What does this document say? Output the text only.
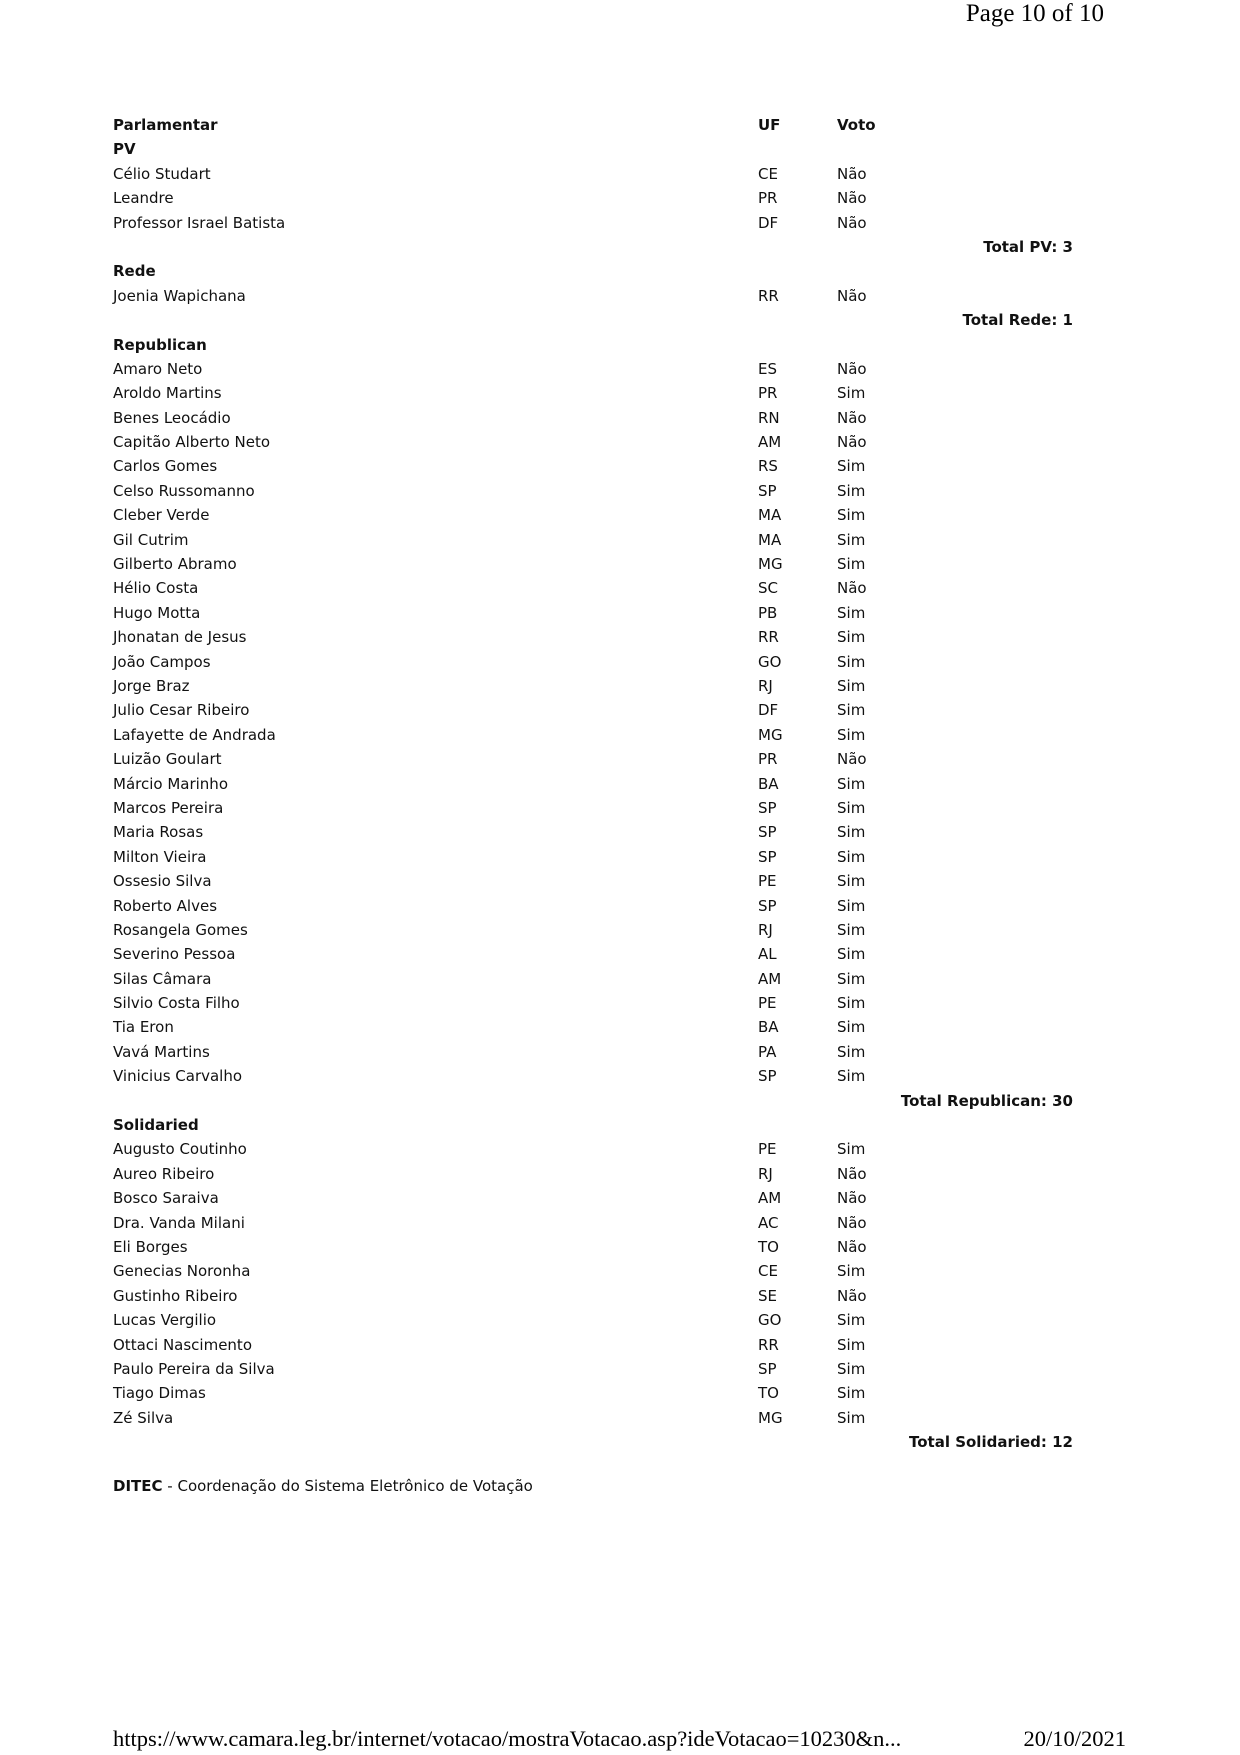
Page 10 of 10
Parlamentar	UF	Voto
PV
Célio Studart	CE	Não
Leandre	PR	Não
Professor Israel Batista	DF	Não
Total PV: 3
Rede
Joenia Wapichana	RR	Não
Total Rede: 1
Republican
Amaro Neto	ES	Não
Aroldo Martins	PR	Sim
Benes Leocádio	RN	Não
Capitão Alberto Neto	AM	Não
Carlos Gomes	RS	Sim
Celso Russomanno	SP	Sim
Cleber Verde	MA	Sim
Gil Cutrim	MA	Sim
Gilberto Abramo	MG	Sim
Hélio Costa	SC	Não
Hugo Motta	PB	Sim
Jhonatan de Jesus	RR	Sim
João Campos	GO	Sim
Jorge Braz	RJ	Sim
Julio Cesar Ribeiro	DF	Sim
Lafayette de Andrada	MG	Sim
Luizão Goulart	PR	Não
Márcio Marinho	BA	Sim
Marcos Pereira	SP	Sim
Maria Rosas	SP	Sim
Milton Vieira	SP	Sim
Ossesio Silva	PE	Sim
Roberto Alves	SP	Sim
Rosangela Gomes	RJ	Sim
Severino Pessoa	AL	Sim
Silas Câmara	AM	Sim
Silvio Costa Filho	PE	Sim
Tia Eron	BA	Sim
Vavá Martins	PA	Sim
Vinicius Carvalho	SP	Sim
Total Republican: 30
Solidaried
Augusto Coutinho	PE	Sim
Aureo Ribeiro	RJ	Não
Bosco Saraiva	AM	Não
Dra. Vanda Milani	AC	Não
Eli Borges	TO	Não
Genecias Noronha	CE	Sim
Gustinho Ribeiro	SE	Não
Lucas Vergilio	GO	Sim
Ottaci Nascimento	RR	Sim
Paulo Pereira da Silva	SP	Sim
Tiago Dimas	TO	Sim
Zé Silva	MG	Sim
Total Solidaried: 12
DITEC - Coordenação do Sistema Eletrônico de Votação
https://www.camara.leg.br/internet/votacao/mostraVotacao.asp?ideVotacao=10230&n...	20/10/2021
